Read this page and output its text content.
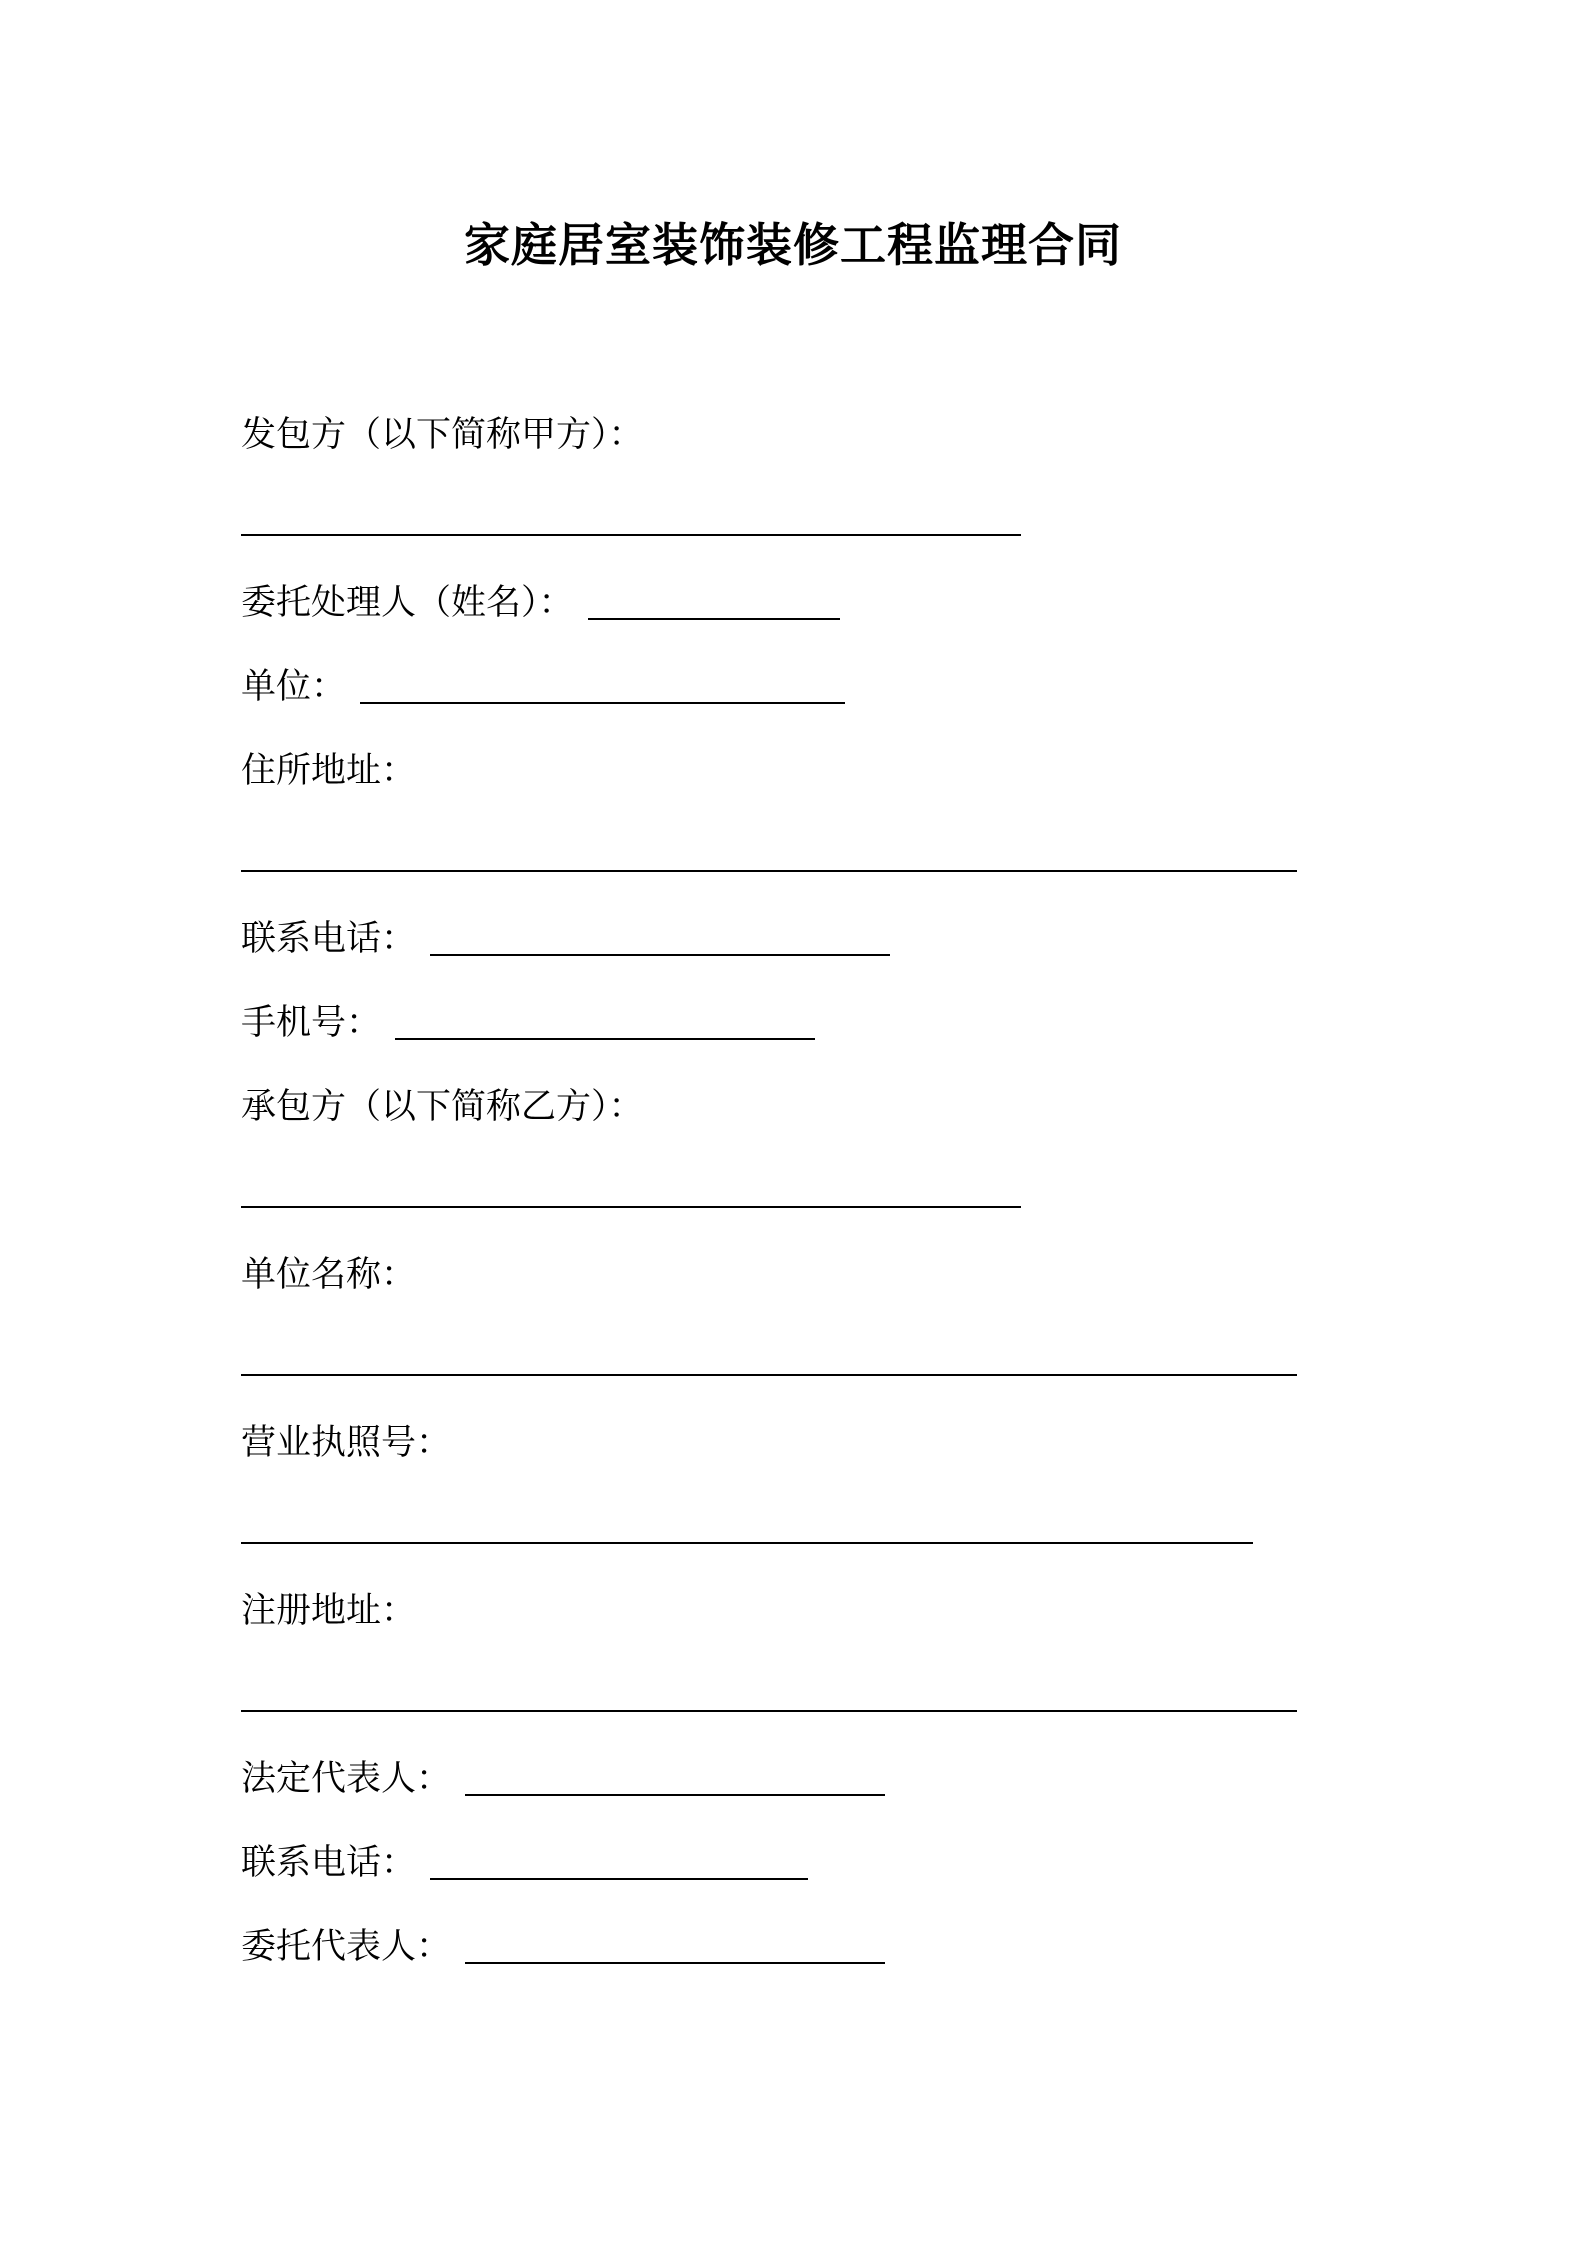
家庭居室装饰装修工程监理合同
发包方（以下简称甲方）：
委托处理人（姓名）：
单位：
住所地址：
联系电话：
手机号：
承包方（以下简称乙方）：
单位名称：
营业执照号：
注册地址：
法定代表人：
联系电话：
委托代表人：
